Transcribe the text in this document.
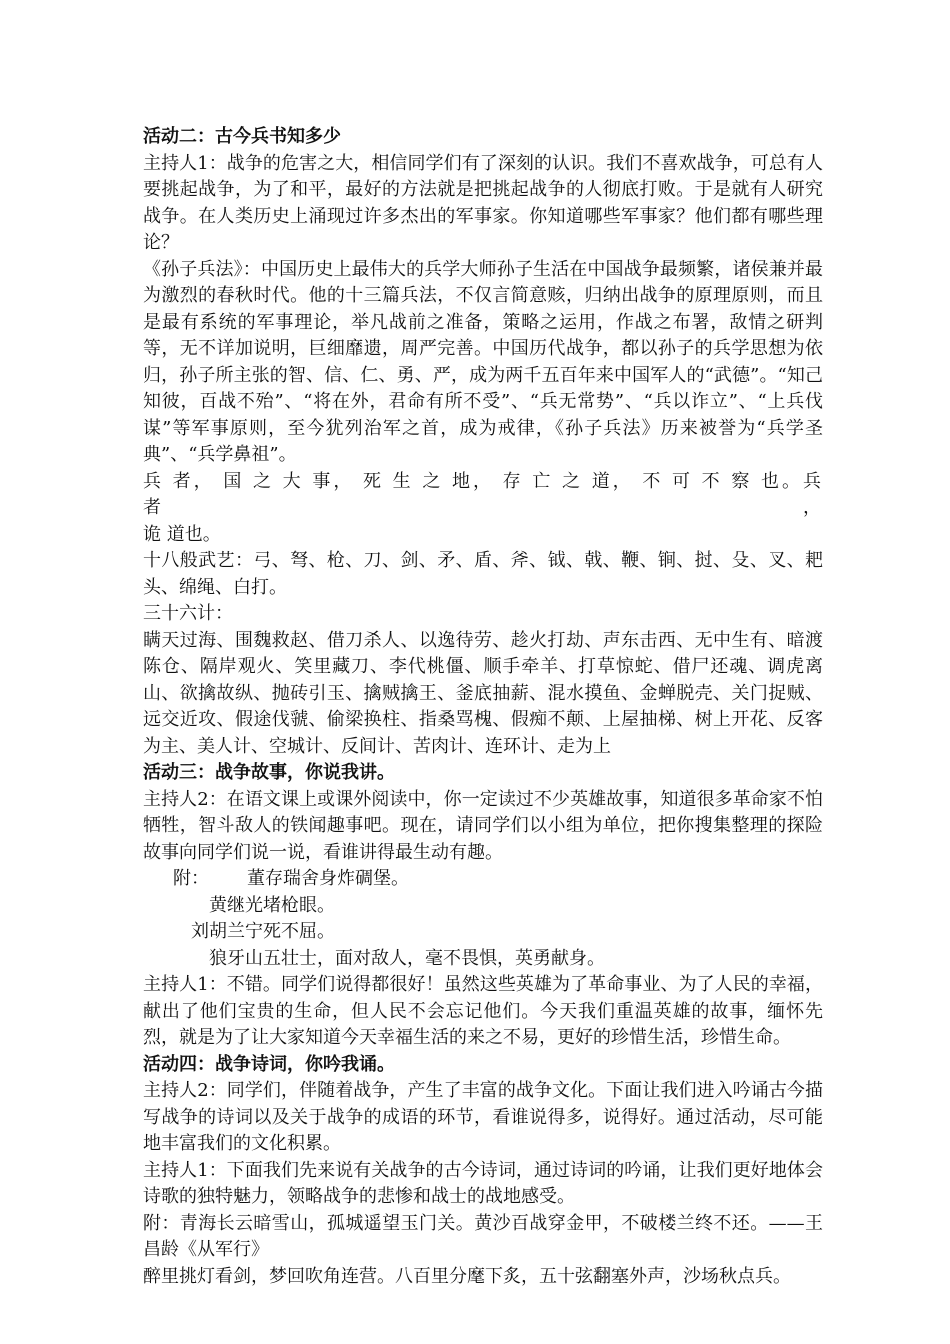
活动二：古今兵书知多少

主持人1：战争的危害之大，相信同学们有了深刻的认识。我们不喜欢战争，可总有人要挑起战争，为了和平，最好的方法就是把挑起战争的人彻底打败。于是就有人研究战争。在人类历史上涌现过许多杰出的军事家。你知道哪些军事家？他们都有哪些理论？

《孙子兵法》：中国历史上最伟大的兵学大师孙子生活在中国战争最频繁，诸侯兼并最为激烈的春秋时代。他的十三篇兵法，不仅言简意赅，归纳出战争的原理原则，而且是最有系统的军事理论，举凡战前之准备，策略之运用，作战之布署，敌情之研判等，无不详加说明，巨细靡遗，周严完善。中国历代战争，都以孙子的兵学思想为依归，孙子所主张的智、信、仁、勇、严，成为两千五百年来中国军人的“武德”。“知己知彼，百战不殆”、“将在外，君命有所不受”、“兵无常势”、“兵以诈立”、“上兵伐谋”等军事原则，至今犹列治军之首，成为戒律，《孙子兵法》历来被誉为“兵学圣典”、“兵学鼻祖”。

兵 者， 国 之 大 事， 死 生 之 地， 存 亡 之 道， 不 可 不 察 也。兵 者，

诡 道也。

十八般武艺：弓、弩、枪、刀、剑、矛、盾、斧、钺、戟、鞭、锏、挝、殳、叉、耙头、绵绳、白打。

三十六计：

瞒天过海、围魏救赵、借刀杀人、以逸待劳、趁火打劫、声东击西、无中生有、暗渡陈仓、隔岸观火、笑里藏刀、李代桃僵、顺手牵羊、打草惊蛇、借尸还魂、调虎离山、欲擒故纵、抛砖引玉、擒贼擒王、釜底抽薪、混水摸鱼、金蝉脱壳、关门捉贼、远交近攻、假途伐虢、偷梁换柱、指桑骂槐、假痴不颠、上屋抽梯、树上开花、反客为主、美人计、空城计、反间计、苦肉计、连环计、走为上

活动三：战争故事，你说我讲。

主持人2：在语文课上或课外阅读中，你一定读过不少英雄故事，知道很多革命家不怕牺牲，智斗敌人的铁闻趣事吧。现在，请同学们以小组为单位，把你搜集整理的探险故事向同学们说一说，看谁讲得最生动有趣。

附： 董存瑞舍身炸碉堡。

黄继光堵枪眼。

刘胡兰宁死不屈。

狼牙山五壮士，面对敌人，毫不畏惧，英勇献身。

主持人1：不错。同学们说得都很好！虽然这些英雄为了革命事业、为了人民的幸福，献出了他们宝贵的生命，但人民不会忘记他们。今天我们重温英雄的故事，缅怀先烈，就是为了让大家知道今天幸福生活的来之不易，更好的珍惜生活，珍惜生命。

活动四：战争诗词，你吟我诵。

主持人2：同学们，伴随着战争，产生了丰富的战争文化。下面让我们进入吟诵古今描写战争的诗词以及关于战争的成语的环节，看谁说得多，说得好。通过活动，尽可能地丰富我们的文化积累。

主持人1：下面我们先来说有关战争的古今诗词，通过诗词的吟诵，让我们更好地体会诗歌的独特魅力，领略战争的悲惨和战士的战地感受。

附：青海长云暗雪山，孤城遥望玉门关。黄沙百战穿金甲，不破楼兰终不还。——王昌龄《从军行》

醉里挑灯看剑，梦回吹角连营。八百里分麾下炙，五十弦翻塞外声，沙场秋点兵。
